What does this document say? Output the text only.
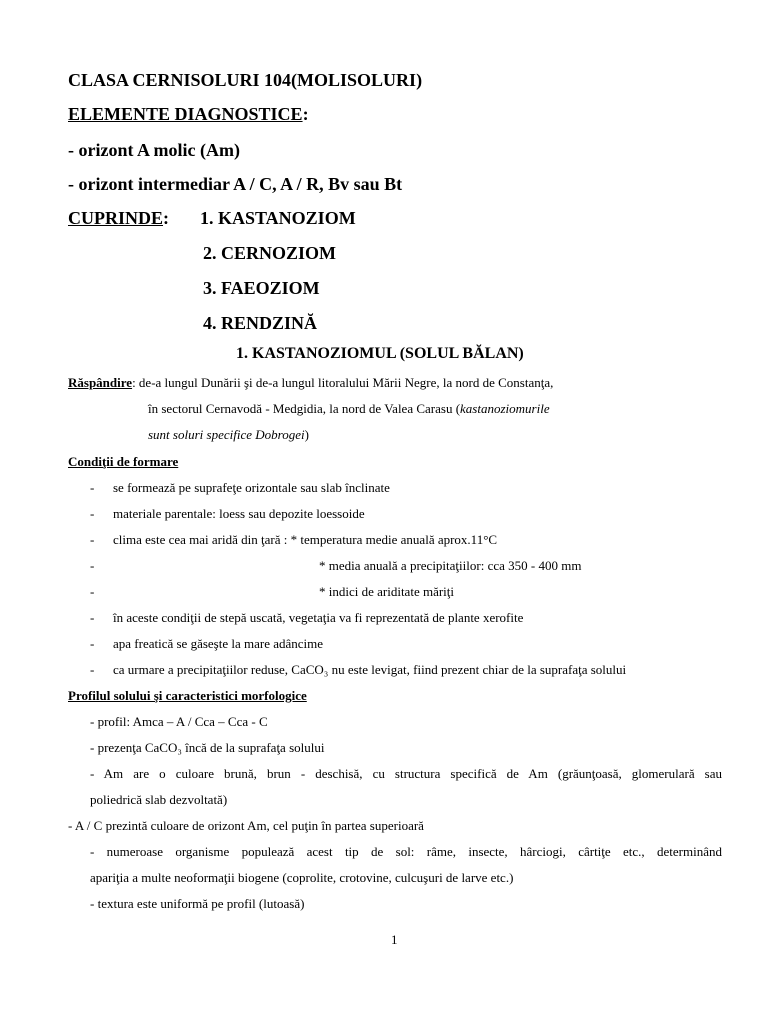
CLASA CERNISOLURI 104(MOLISOLURI)
ELEMENTE DIAGNOSTICE:
- orizont A molic (Am)
- orizont intermediar A / C, A / R, Bv sau Bt
CUPRINDE: 1. KASTANOZIOM
2. CERNOZIOM
3. FAEOZIOM
4. RENDZINĂ
1. KASTANOZIOMUL (SOLUL BĂLAN)
Răspândire: de-a lungul Dunării şi de-a lungul litoralului Mării Negre, la nord de Constanţa,
în sectorul Cernavodă - Medgidia, la nord de Valea Carasu (kastanoziomurile
sunt soluri specifice Dobrogei)
Condiţii de formare
- se formează pe suprafeţe orizontale sau slab înclinate
- materiale parentale: loess sau depozite loessoide
- clima este cea mai aridă din ţară : * temperatura medie anuală aprox.11°C
-	* media anuală a precipitaţiilor: cca 350 - 400 mm
-	* indici de ariditate măriţi
- în aceste condiţii de stepă uscată, vegetaţia va fi reprezentată de plante xerofite
- apa freatică se găseşte la mare adâncime
- ca urmare a precipitaţiilor reduse, CaCO₃ nu este levigat, fiind prezent chiar de la suprafaţa solului
Profilul solului şi caracteristici morfologice
- profil: Amca – A / Cca – Cca - C
- prezenţa CaCO₃ încă de la suprafaţa solului
- Am are o culoare brună, brun - deschisă, cu structura specifică de Am (grăunţoasă, glomerulară sau
poliedrică slab dezvoltată)
- A / C prezintă culoare de orizont Am, cel puţin în partea superioară
- numeroase organisme populează acest tip de sol: râme, insecte, hârciogi, cârtiţe etc., determinând
apariţia a multe neoformaţii biogene (coprolite, crotovine, culcuşuri de larve etc.)
- textura este uniformă pe profil (lutoasă)
1
